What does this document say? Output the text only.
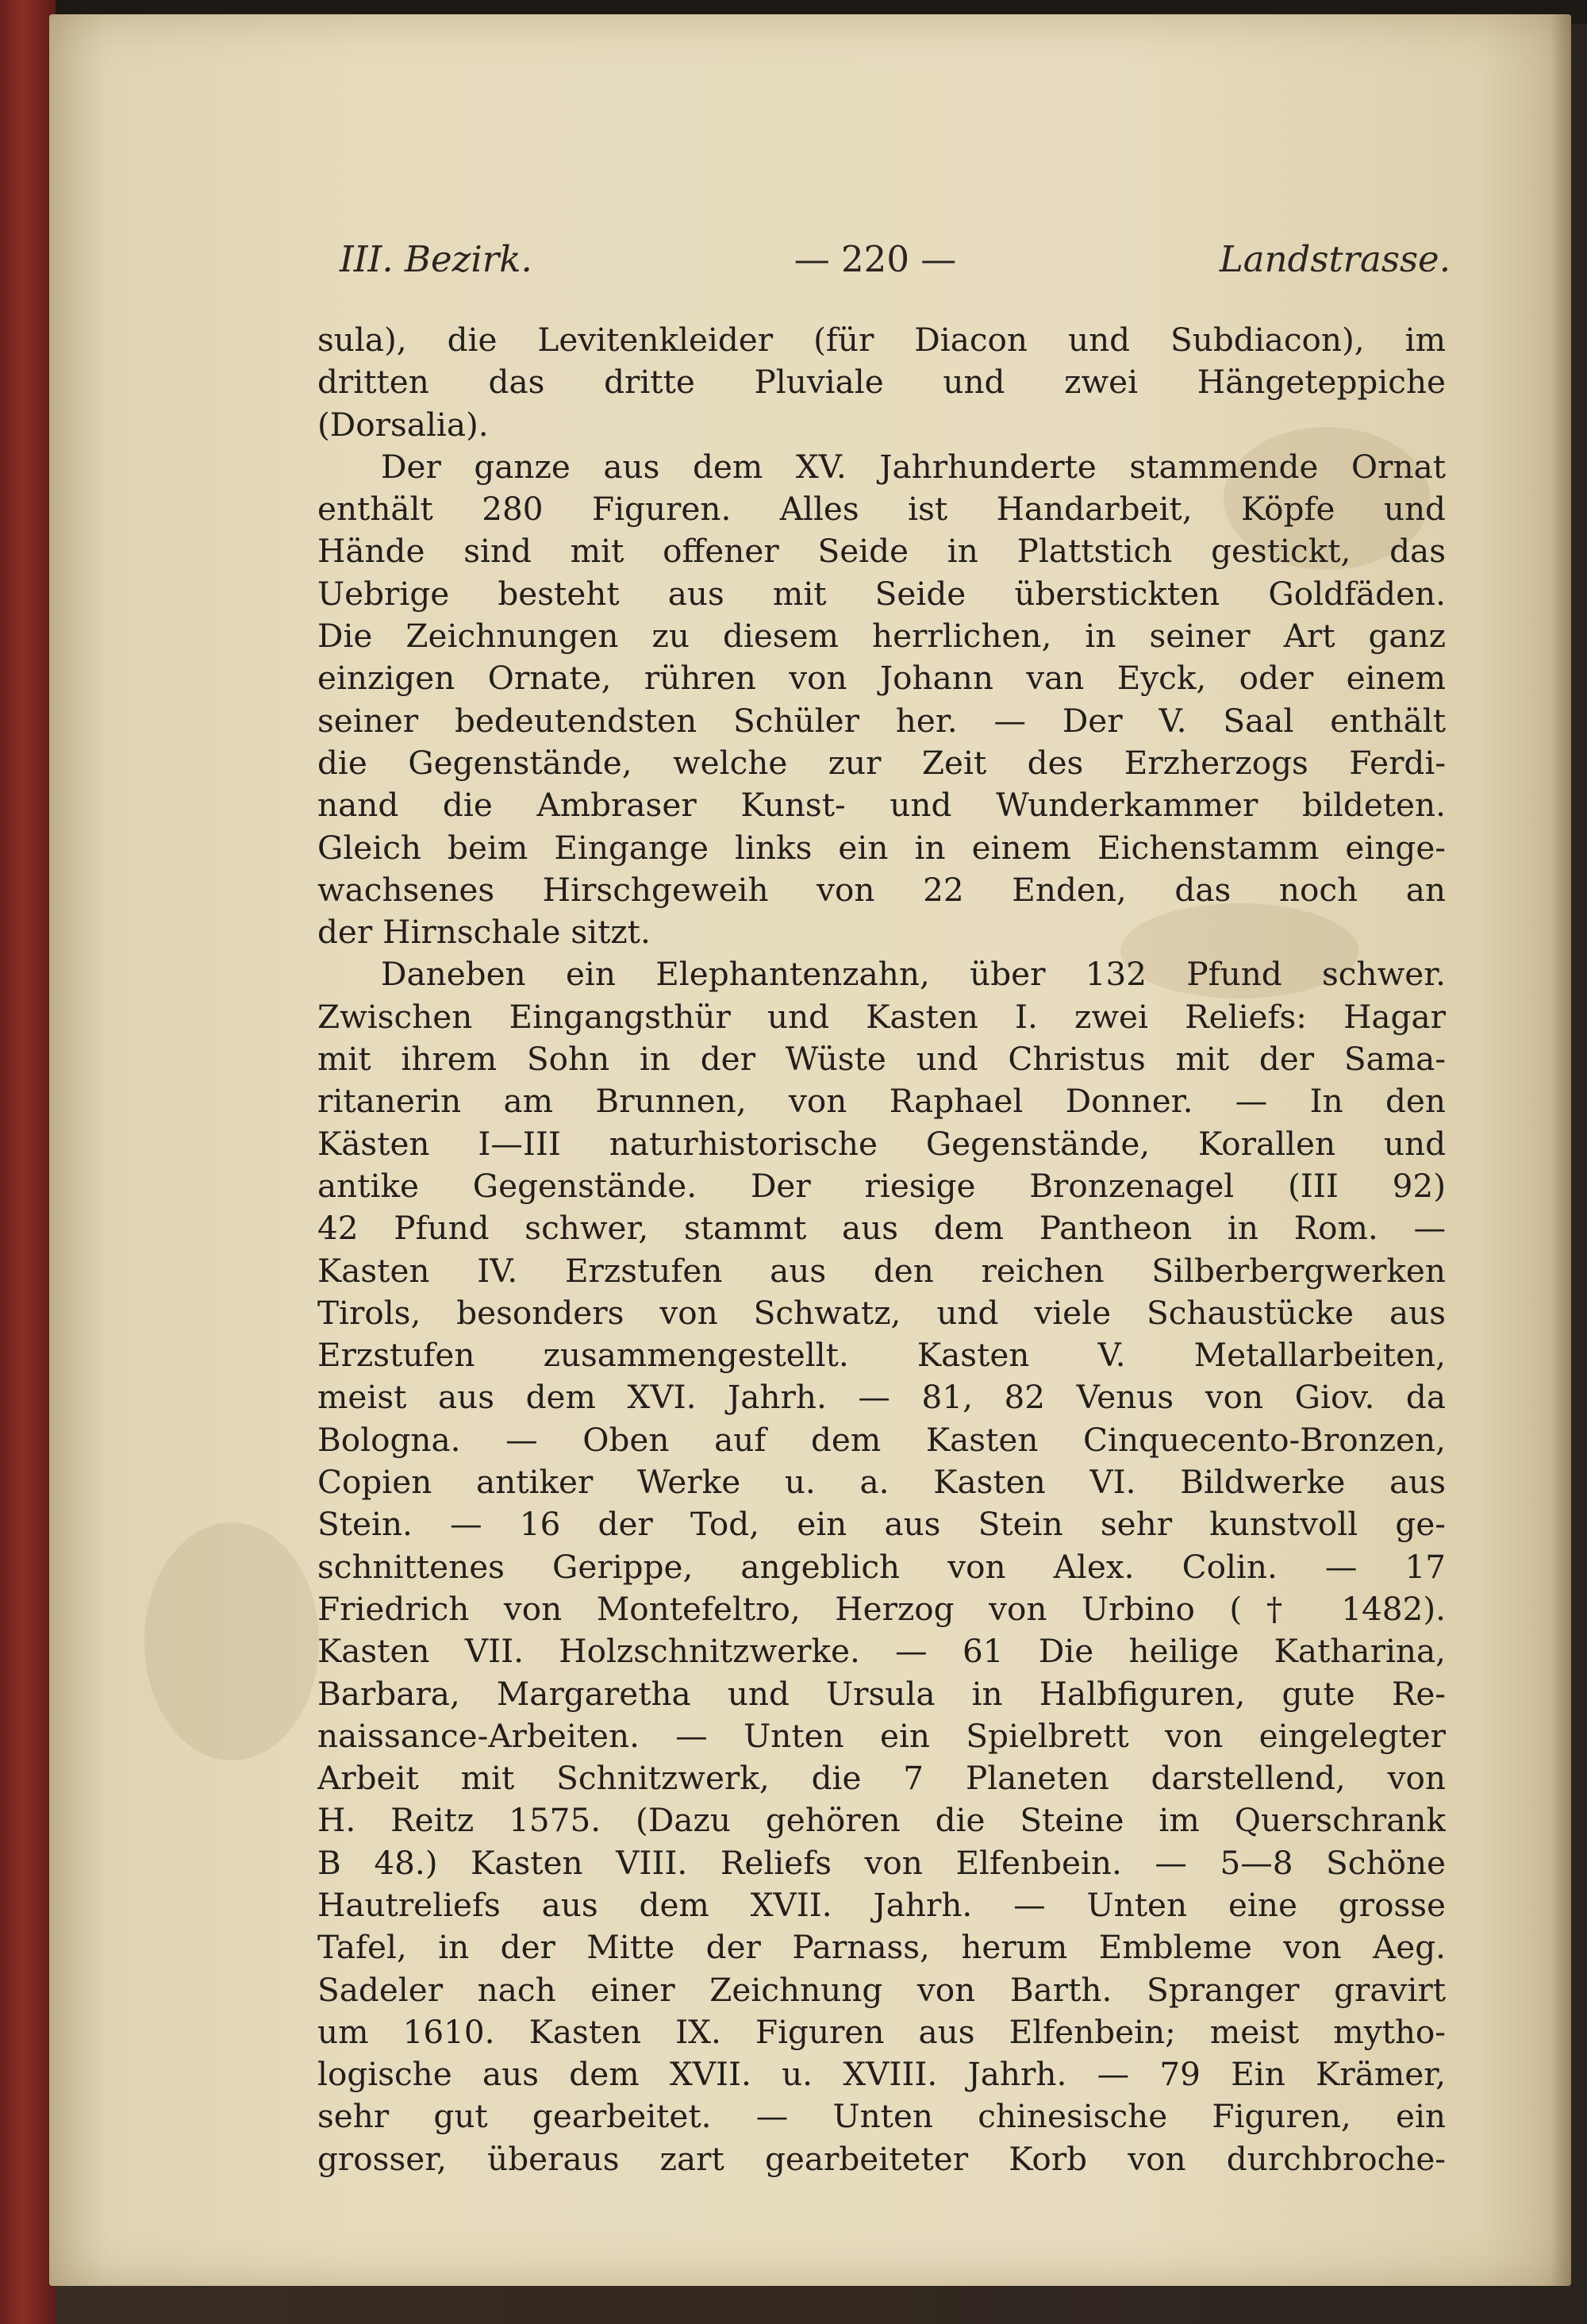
III. Bezirk.	— 220 —	Landstrasse.
sula), die Levitenkleider (für Diacon und Subdiacon), im
dritten das dritte Pluviale und zwei Hängeteppiche
(Dorsalia).
Der ganze aus dem XV. Jahrhunderte stammende Ornat
enthält 280 Figuren. Alles ist Handarbeit, Köpfe und
Hände sind mit offener Seide in Plattstich gestickt, das
Uebrige besteht aus mit Seide überstickten Goldfäden.
Die Zeichnungen zu diesem herrlichen, in seiner Art ganz
einzigen Ornate, rühren von Johann van Eyck, oder einem
seiner bedeutendsten Schüler her. — Der V. Saal enthält
die Gegenstände, welche zur Zeit des Erzherzogs Ferdi-
nand die Ambraser Kunst- und Wunderkammer bildeten.
Gleich beim Eingange links ein in einem Eichenstamm einge-
wachsenes Hirschgeweih von 22 Enden, das noch an
der Hirnschale sitzt.
Daneben ein Elephantenzahn, über 132 Pfund schwer.
Zwischen Eingangsthür und Kasten I. zwei Reliefs: Hagar
mit ihrem Sohn in der Wüste und Christus mit der Sama-
ritanerin am Brunnen, von Raphael Donner. — In den
Kästen I—III naturhistorische Gegenstände, Korallen und
antike Gegenstände. Der riesige Bronzenagel (III 92)
42 Pfund schwer, stammt aus dem Pantheon in Rom. —
Kasten IV. Erzstufen aus den reichen Silberbergwerken
Tirols, besonders von Schwatz, und viele Schaustücke aus
Erzstufen zusammengestellt. Kasten V. Metallarbeiten,
meist aus dem XVI. Jahrh. — 81, 82 Venus von Giov. da
Bologna. — Oben auf dem Kasten Cinquecento-Bronzen,
Copien antiker Werke u. a. Kasten VI. Bildwerke aus
Stein. — 16 der Tod, ein aus Stein sehr kunstvoll ge-
schnittenes Gerippe, angeblich von Alex. Colin. — 17
Friedrich von Montefeltro, Herzog von Urbino († 1482).
Kasten VII. Holzschnitzwerke. — 61 Die heilige Katharina,
Barbara, Margaretha und Ursula in Halbfiguren, gute Re-
naissance-Arbeiten. — Unten ein Spielbrett von eingelegter
Arbeit mit Schnitzwerk, die 7 Planeten darstellend, von
H. Reitz 1575. (Dazu gehören die Steine im Querschrank
B 48.) Kasten VIII. Reliefs von Elfenbein. — 5—8 Schöne
Hautreliefs aus dem XVII. Jahrh. — Unten eine grosse
Tafel, in der Mitte der Parnass, herum Embleme von Aeg.
Sadeler nach einer Zeichnung von Barth. Spranger gravirt
um 1610. Kasten IX. Figuren aus Elfenbein; meist mytho-
logische aus dem XVII. u. XVIII. Jahrh. — 79 Ein Krämer,
sehr gut gearbeitet. — Unten chinesische Figuren, ein
grosser, überaus zart gearbeiteter Korb von durchbroche-
